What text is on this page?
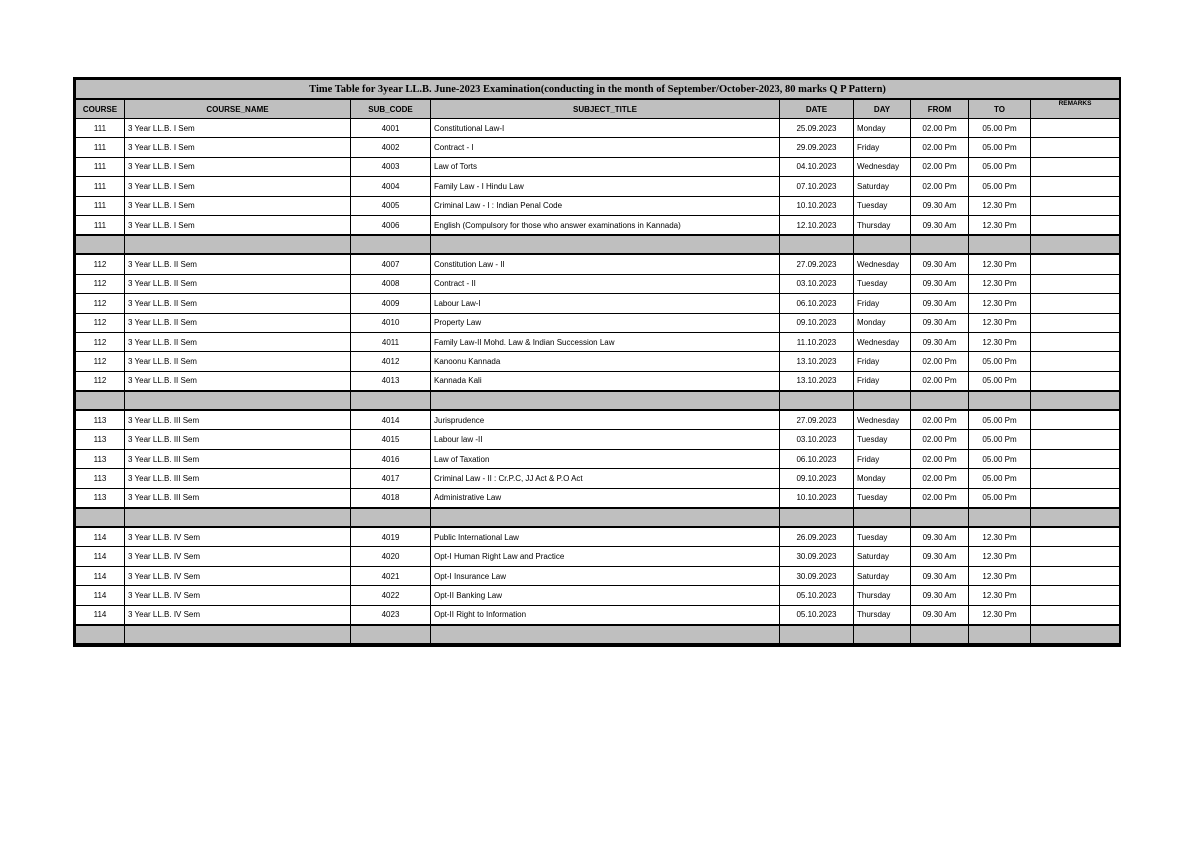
Time Table for 3year LL.B. June-2023 Examination(conducting in the month of September/October-2023, 80 marks Q P Pattern)								
COURSE	COURSE_NAME	SUB_CODE	SUBJECT_TITLE	DATE	DAY	FROM	TO	REMARKS
111	3 Year LL.B. I Sem	4001	Constitutional Law-I	25.09.2023	Monday	02.00 Pm	05.00 Pm	
111	3 Year LL.B. I Sem	4002	Contract - I	29.09.2023	Friday	02.00 Pm	05.00 Pm	
111	3 Year LL.B. I Sem	4003	Law of Torts	04.10.2023	Wednesday	02.00 Pm	05.00 Pm	
111	3 Year LL.B. I Sem	4004	Family Law - I Hindu Law	07.10.2023	Saturday	02.00 Pm	05.00 Pm	
111	3 Year LL.B. I Sem	4005	Criminal Law - I : Indian Penal Code	10.10.2023	Tuesday	09.30 Am	12.30 Pm	
111	3 Year LL.B. I Sem	4006	English (Compulsory for those who answer examinations in Kannada)	12.10.2023	Thursday	09.30 Am	12.30 Pm	

112	3 Year LL.B. II Sem	4007	Constitution Law - II	27.09.2023	Wednesday	09.30 Am	12.30 Pm	
112	3 Year LL.B. II Sem	4008	Contract - II	03.10.2023	Tuesday	09.30 Am	12.30 Pm	
112	3 Year LL.B. II Sem	4009	Labour Law-I	06.10.2023	Friday	09.30 Am	12.30 Pm	
112	3 Year LL.B. II Sem	4010	Property Law	09.10.2023	Monday	09.30 Am	12.30 Pm	
112	3 Year LL.B. II Sem	4011	Family Law-II Mohd. Law & Indian Succession Law	11.10.2023	Wednesday	09.30 Am	12.30 Pm	
112	3 Year LL.B. II Sem	4012	Kanoonu Kannada	13.10.2023	Friday	02.00 Pm	05.00 Pm	
112	3 Year LL.B. II Sem	4013	Kannada Kali	13.10.2023	Friday	02.00 Pm	05.00 Pm	

113	3 Year LL.B. III Sem	4014	Jurisprudence	27.09.2023	Wednesday	02.00 Pm	05.00 Pm	
113	3 Year LL.B. III Sem	4015	Labour law -II	03.10.2023	Tuesday	02.00 Pm	05.00 Pm	
113	3 Year LL.B. III Sem	4016	Law of Taxation	06.10.2023	Friday	02.00 Pm	05.00 Pm	
113	3 Year LL.B. III Sem	4017	Criminal Law - II : Cr.P.C, JJ Act & P.O Act	09.10.2023	Monday	02.00 Pm	05.00 Pm	
113	3 Year LL.B. III Sem	4018	Administrative Law	10.10.2023	Tuesday	02.00 Pm	05.00 Pm	

114	3 Year LL.B. IV Sem	4019	Public International Law	26.09.2023	Tuesday	09.30 Am	12.30 Pm	
114	3 Year LL.B. IV Sem	4020	Opt-I Human Right Law and Practice	30.09.2023	Saturday	09.30 Am	12.30 Pm	
114	3 Year LL.B. IV Sem	4021	Opt-I Insurance Law	30.09.2023	Saturday	09.30 Am	12.30 Pm	
114	3 Year LL.B. IV Sem	4022	Opt-II Banking Law	05.10.2023	Thursday	09.30 Am	12.30 Pm	
114	3 Year LL.B. IV Sem	4023	Opt-II Right to Information	05.10.2023	Thursday	09.30 Am	12.30 Pm	
